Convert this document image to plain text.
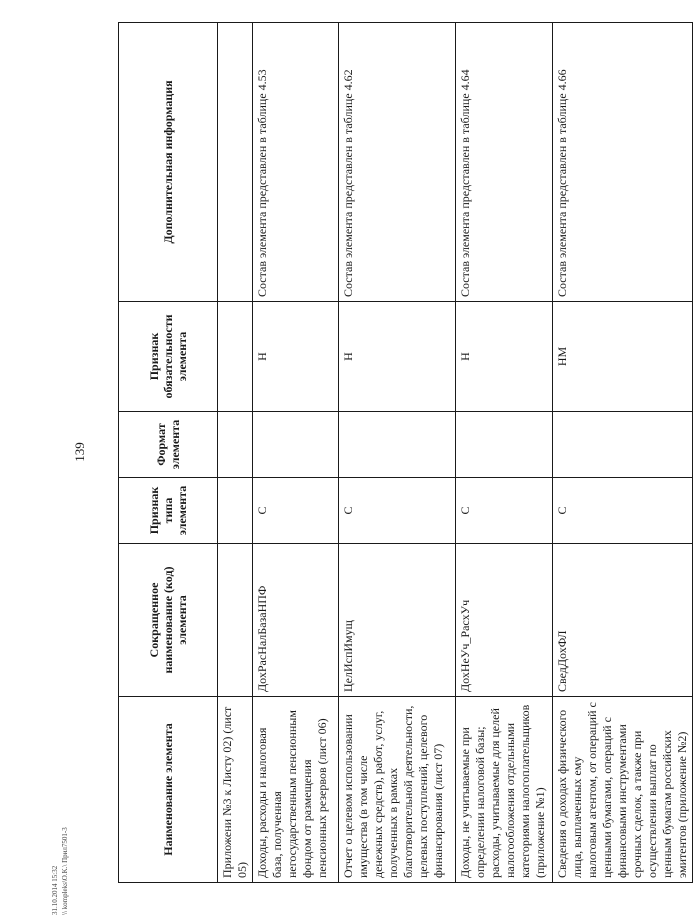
139
31.10.2014 15:32 \\ kompleks\O.K.\ Прил7501-3
Наименование элемента	Сокращенное наименование (код) элемента	Признак типа элемента	Формат элемента	Признак обязательности элемента	Дополнительная информация
Приложени №3 к Листу 02) (лист 05)					
Доходы, расходы и налоговая база, полученная негосударственным пенсионным фондом от размещения пенсионных резервов (лист 06)	ДохРасНалБазаНПФ	С		Н	Состав элемента представлен в таблице 4.53
Отчет о целевом использовании имущества (в том числе денежных средств), работ, услуг, полученных в рамках благотворительной деятельности, целевых поступлений, целевого финансирования (лист 07)	ЦелИспИмущ	С		Н	Состав элемента представлен в таблице 4.62
Доходы, не учитываемые при определении налоговой базы; расходы, учитываемые для целей налогообложения отдельными категориями налогоплательщиков (приложение №1)	ДохНеУч_РасхУч	С		Н	Состав элемента представлен в таблице 4.64
Сведения о доходах физического лица, выплаченных ему налоговым агентом, от операций с ценными бумагами, операций с финансовыми инструментами срочных сделок, а также при осуществлении выплат по ценным бумагам российских эмитентов (приложение №2)	СведДохФЛ	С		НМ	Состав элемента представлен в таблице 4.66
